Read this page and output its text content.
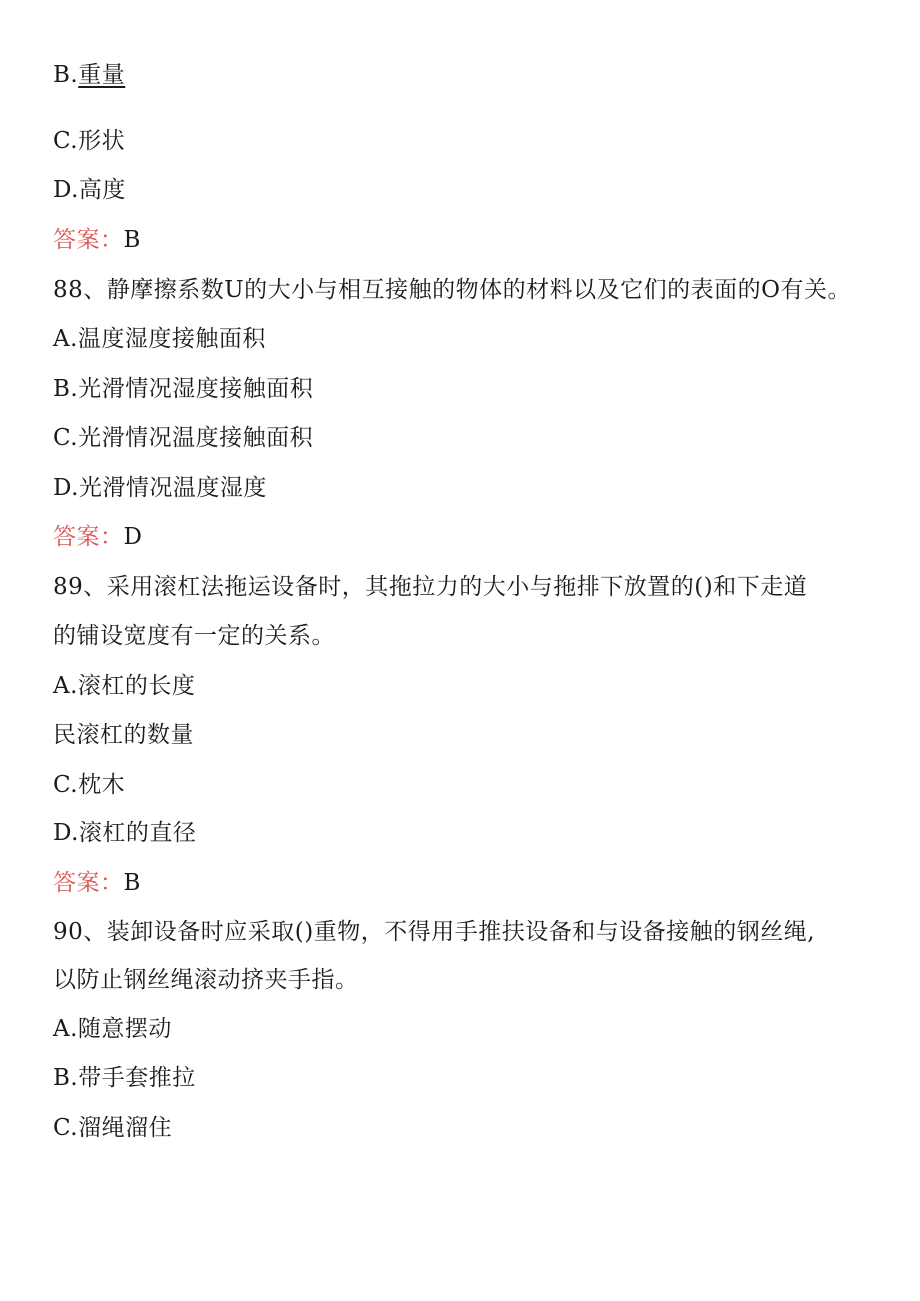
B.重量
C.形状
D.高度
答案：B
88、静摩擦系数U的大小与相互接触的物体的材料以及它们的表面的O有关。
A.温度湿度接触面积
B.光滑情况湿度接触面积
C.光滑情况温度接触面积
D.光滑情况温度湿度
答案：D
89、采用滚杠法拖运设备时，其拖拉力的大小与拖排下放置的()和下走道
的铺设宽度有一定的关系。
A.滚杠的长度
民滚杠的数量
C.枕木
D.滚杠的直径
答案：B
90、装卸设备时应采取()重物，不得用手推扶设备和与设备接触的钢丝绳,
以防止钢丝绳滚动挤夹手指。
A.随意摆动
B.带手套推拉
C.溜绳溜住
